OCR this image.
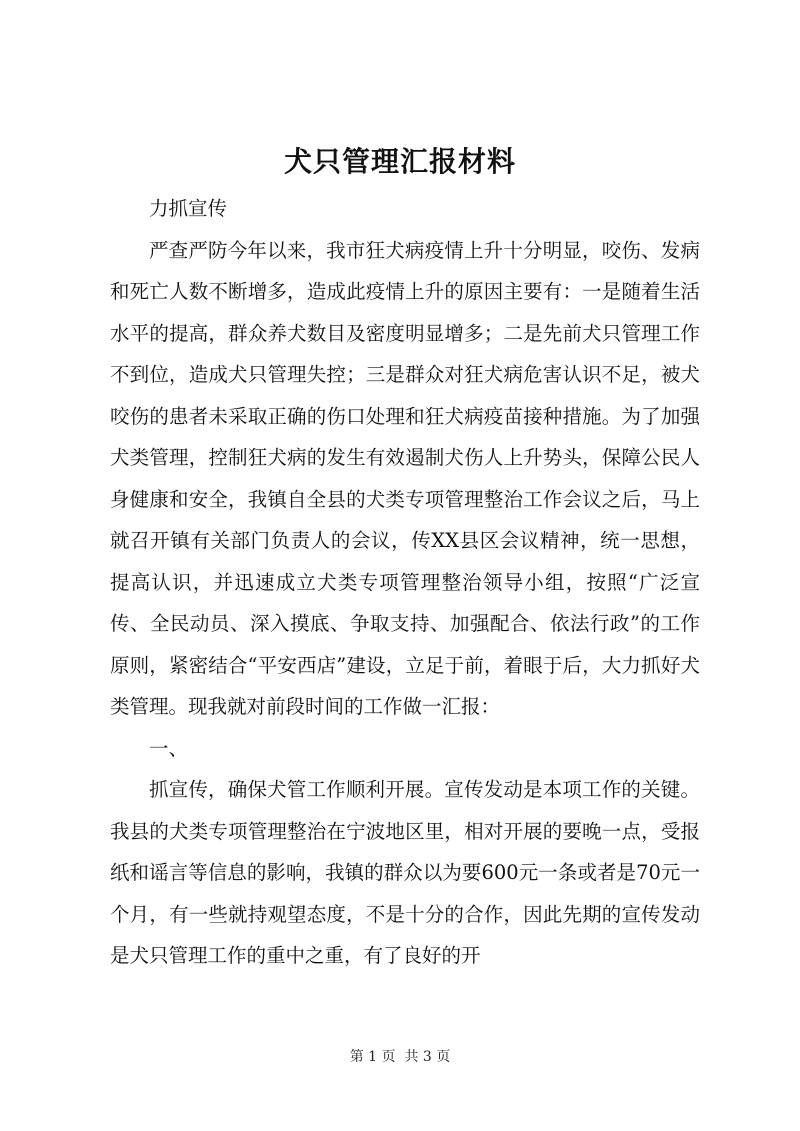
犬只管理汇报材料

力抓宣传

严查严防今年以来，我市狂犬病疫情上升十分明显，咬伤、发病和死亡人数不断增多，造成此疫情上升的原因主要有：一是随着生活水平的提高，群众养犬数目及密度明显增多；二是先前犬只管理工作不到位，造成犬只管理失控；三是群众对狂犬病危害认识不足，被犬咬伤的患者未采取正确的伤口处理和狂犬病疫苗接种措施。为了加强犬类管理，控制狂犬病的发生有效遏制犬伤人上升势头，保障公民人身健康和安全，我镇自全县的犬类专项管理整治工作会议之后，马上就召开镇有关部门负责人的会议，传XX县区会议精神，统一思想，提高认识，并迅速成立犬类专项管理整治领导小组，按照“广泛宣传、全民动员、深入摸底、争取支持、加强配合、依法行政”的工作原则，紧密结合“平安西店”建设，立足于前，着眼于后，大力抓好犬类管理。现我就对前段时间的工作做一汇报：

一、

抓宣传，确保犬管工作顺利开展。宣传发动是本项工作的关键。我县的犬类专项管理整治在宁波地区里，相对开展的要晚一点，受报纸和谣言等信息的影响，我镇的群众以为要600元一条或者是70元一个月，有一些就持观望态度，不是十分的合作，因此先期的宣传发动是犬只管理工作的重中之重，有了良好的开

第 1 页  共 3 页
